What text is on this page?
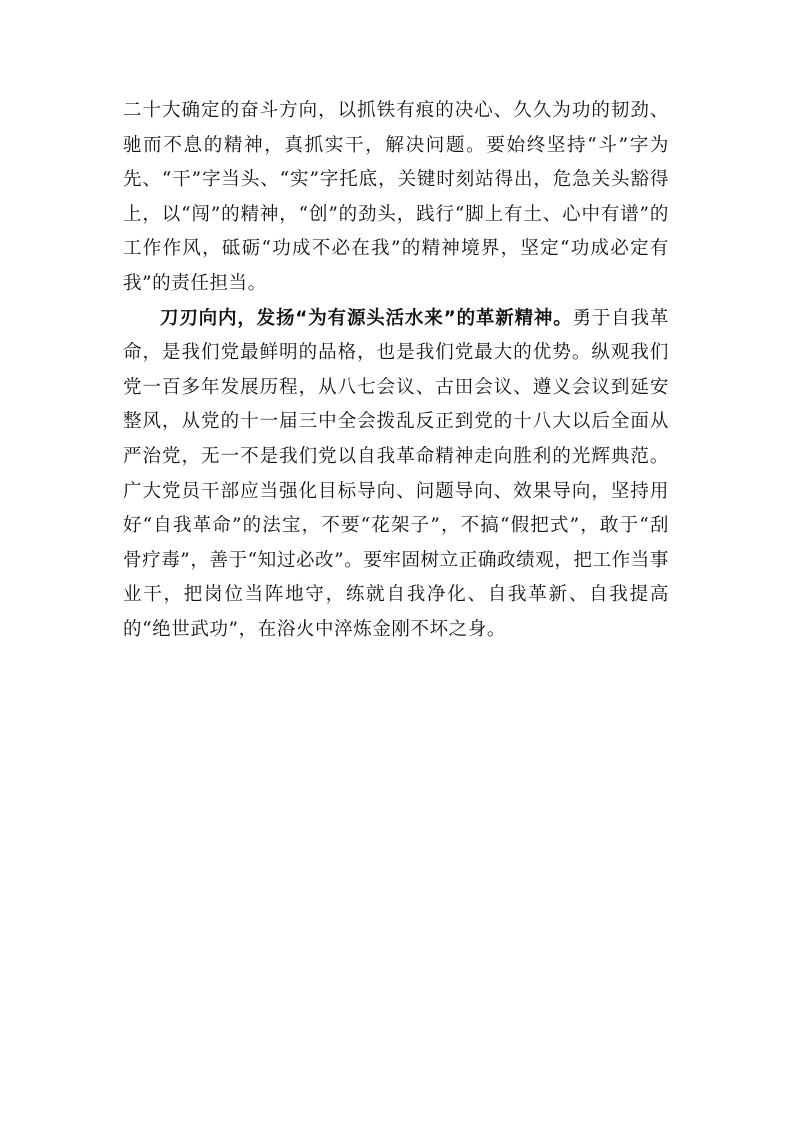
二十大确定的奋斗方向，以抓铁有痕的决心、久久为功的韧劲、驰而不息的精神，真抓实干，解决问题。要始终坚持“斗”字为先、“干”字当头、“实”字托底，关键时刻站得出，危急关头豁得上，以“闯”的精神，“创”的劲头，践行“脚上有土、心中有谱”的工作作风，砥砺“功成不必在我”的精神境界，坚定“功成必定有我”的责任担当。

刀刃向内，发扬“为有源头活水来”的革新精神。勇于自我革命，是我们党最鲜明的品格，也是我们党最大的优势。纵观我们党一百多年发展历程，从八七会议、古田会议、遵义会议到延安整风，从党的十一届三中全会拨乱反正到党的十八大以后全面从严治党，无一不是我们党以自我革命精神走向胜利的光辉典范。广大党员干部应当强化目标导向、问题导向、效果导向，坚持用好“自我革命”的法宝，不要“花架子”，不搞“假把式”，敢于“刮骨疗毒”，善于“知过必改”。要牢固树立正确政绩观，把工作当事业干，把岗位当阵地守，练就自我净化、自我革新、自我提高的“绝世武功”，在浴火中淬炼金刚不坏之身。
